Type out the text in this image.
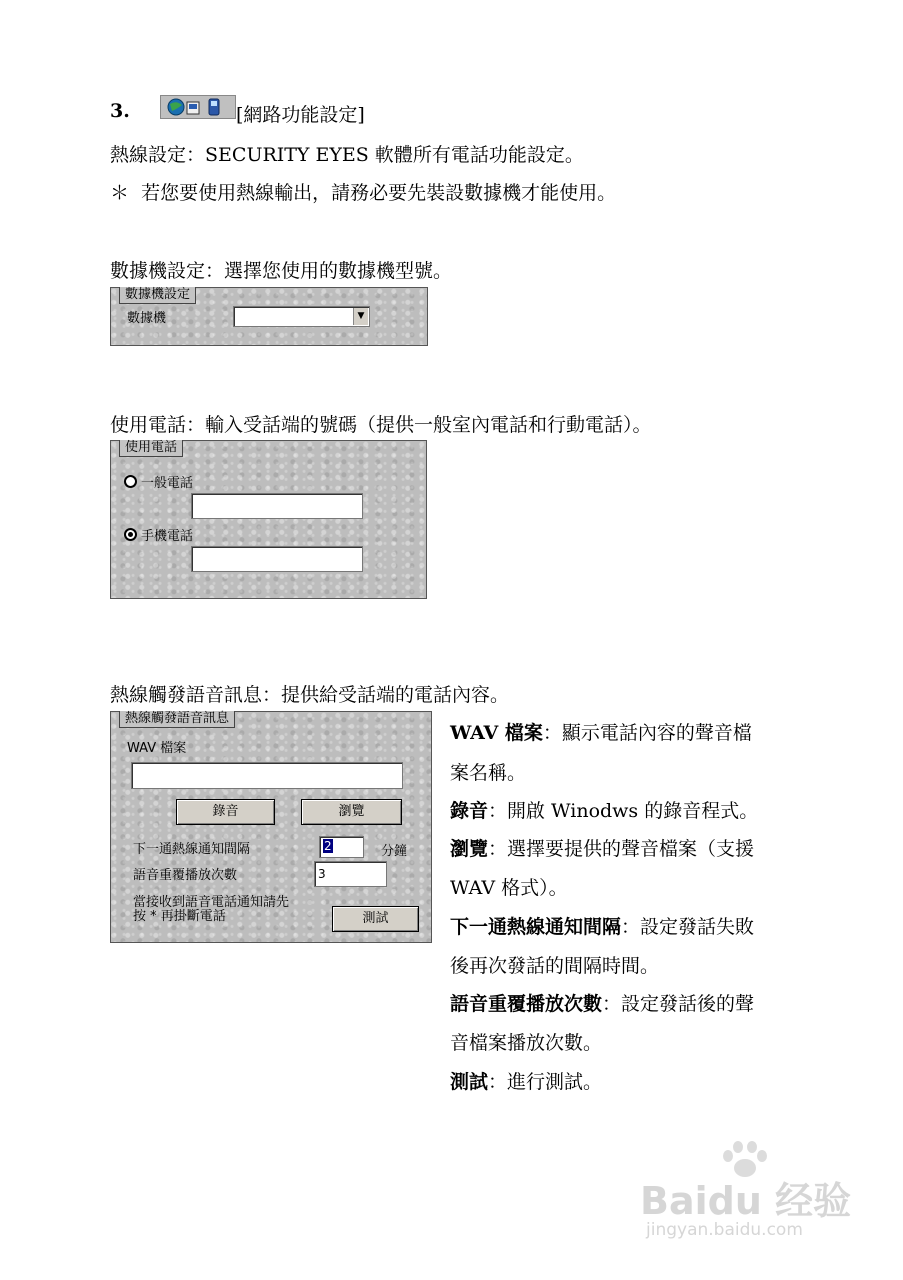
3.	[網路功能設定]
熱線設定：SECURITY EYES 軟體所有電話功能設定。
＊ 若您要使用熱線輸出，請務必要先裝設數據機才能使用。
數據機設定：選擇您使用的數據機型號。
數據機設定
數據機	▼
使用電話：輸入受話端的號碼（提供一般室內電話和行動電話）。
使用電話
一般電話
手機電話
熱線觸發語音訊息：提供給受話端的電話內容。
熱線觸發語音訊息
WAV 檔案
錄音	瀏覽
下一通熱線通知間隔	2	分鐘
語音重覆播放次數	3
當接收到語音電話通知請先
按 * 再掛斷電話	測試
WAV 檔案：顯示電話內容的聲音檔
案名稱。
錄音：開啟 Winodws 的錄音程式。
瀏覽：選擇要提供的聲音檔案（支援
WAV 格式）。
下一通熱線通知間隔：設定發話失敗
後再次發話的間隔時間。
語音重覆播放次數：設定發話後的聲
音檔案播放次數。
測試：進行測試。
Baidu 经验
jingyan.baidu.com
